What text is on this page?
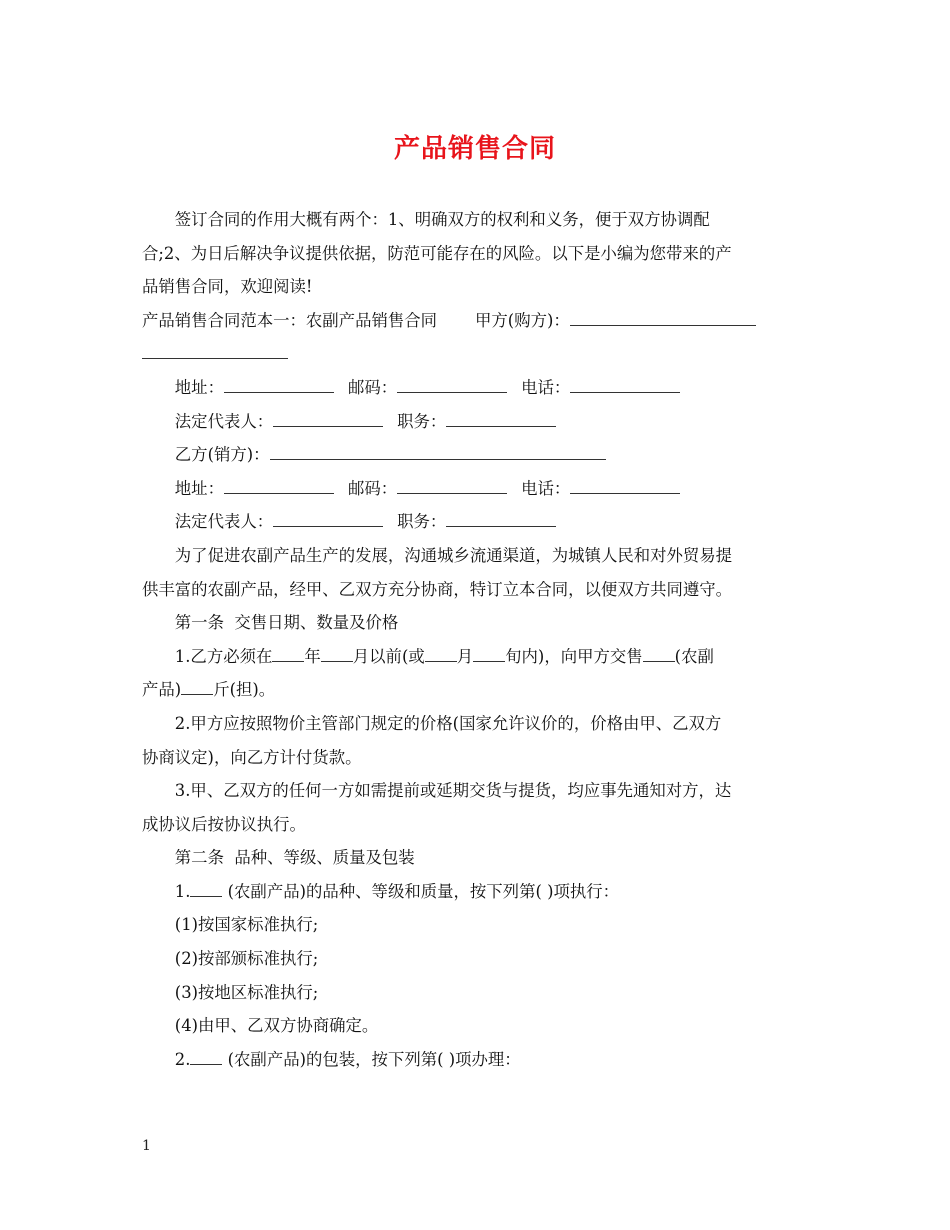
产品销售合同

签订合同的作用大概有两个：1、明确双方的权利和义务，便于双方协调配

合;2、为日后解决争议提供依据，防范可能存在的风险。以下是小编为您带来的产

品销售合同，欢迎阅读!

产品销售合同范本一：农副产品销售合同 甲方(购方)：

地址：	邮码：	电话：

法定代表人：	职务：

乙方(销方)：

地址：	邮码：	电话：

法定代表人：	职务：

为了促进农副产品生产的发展，沟通城乡流通渠道，为城镇人民和对外贸易提

供丰富的农副产品，经甲、乙双方充分协商，特订立本合同，以便双方共同遵守。

第一条  交售日期、数量及价格

1.乙方必须在 年 月以前(或 月 旬内)，向甲方交售 (农副

产品) 斤(担)。

2.甲方应按照物价主管部门规定的价格(国家允许议价的，价格由甲、乙双方

协商议定)，向乙方计付货款。

3.甲、乙双方的任何一方如需提前或延期交货与提货，均应事先通知对方，达

成协议后按协议执行。

第二条  品种、等级、质量及包装

1. (农副产品)的品种、等级和质量，按下列第( )项执行：

(1)按国家标准执行;

(2)按部颁标准执行;

(3)按地区标准执行;

(4)由甲、乙双方协商确定。

2. (农副产品)的包装，按下列第( )项办理：

1
